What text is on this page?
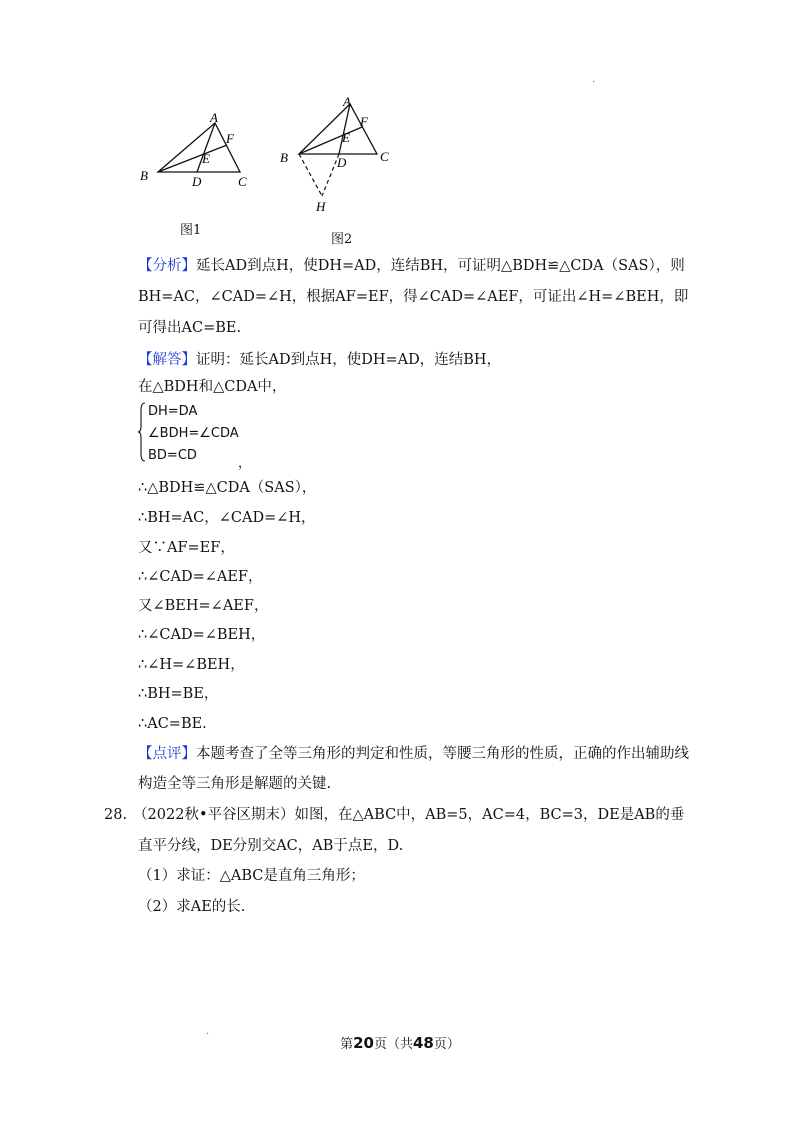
.
.
A
F
E
B	D	C
图1
A
F
E
B	D	C
H
图2
【分析】延长AD到点H，使DH=AD，连结BH，可证明△BDH≌△CDA（SAS），则
BH=AC，∠CAD=∠H，根据AF=EF，得∠CAD=∠AEF，可证出∠H=∠BEH，即
可得出AC=BE.
【解答】证明：延长AD到点H，使DH=AD，连结BH，
在△BDH和△CDA中，
DH=DA
∠BDH=∠CDA
BD=CD
，
∴△BDH≌△CDA（SAS），
∴BH=AC，∠CAD=∠H，
又∵AF=EF，
∴∠CAD=∠AEF，
又∠BEH=∠AEF，
∴∠CAD=∠BEH，
∴∠H=∠BEH，
∴BH=BE，
∴AC=BE.
【点评】本题考查了全等三角形的判定和性质，等腰三角形的性质，正确的作出辅助线
构造全等三角形是解题的关键.
28. （2022秋•平谷区期末）如图，在△ABC中，AB=5，AC=4，BC=3，DE是AB的垂
直平分线，DE分别交AC，AB于点E，D.
（1）求证：△ABC是直角三角形；
（2）求AE的长.
第20页（共48页）
